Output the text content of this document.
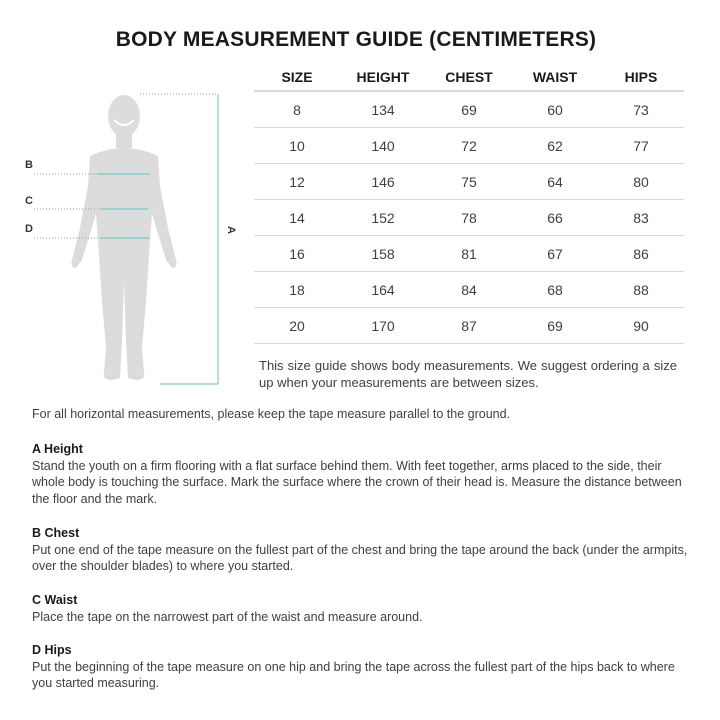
BODY MEASUREMENT GUIDE (CENTIMETERS)
B
C
D	A
SIZE	HEIGHT	CHEST	WAIST	HIPS
8	134	69	60	73
10	140	72	62	77
12	146	75	64	80
14	152	78	66	83
16	158	81	67	86
18	164	84	68	88
20	170	87	69	90
This size guide shows body measurements. We suggest ordering a size up when your measurements are between sizes.
For all horizontal measurements, please keep the tape measure parallel to the ground.
A Height
Stand the youth on a firm flooring with a flat surface behind them. With feet together, arms placed to the side, their whole body is touching the surface. Mark the surface where the crown of their head is. Measure the distance between the floor and the mark.
B Chest
Put one end of the tape measure on the fullest part of the chest and bring the tape around the back (under the armpits, over the shoulder blades) to where you started.
C Waist
Place the tape on the narrowest part of the waist and measure around.
D Hips
Put the beginning of the tape measure on one hip and bring the tape across the fullest part of the hips back to where you started measuring.
